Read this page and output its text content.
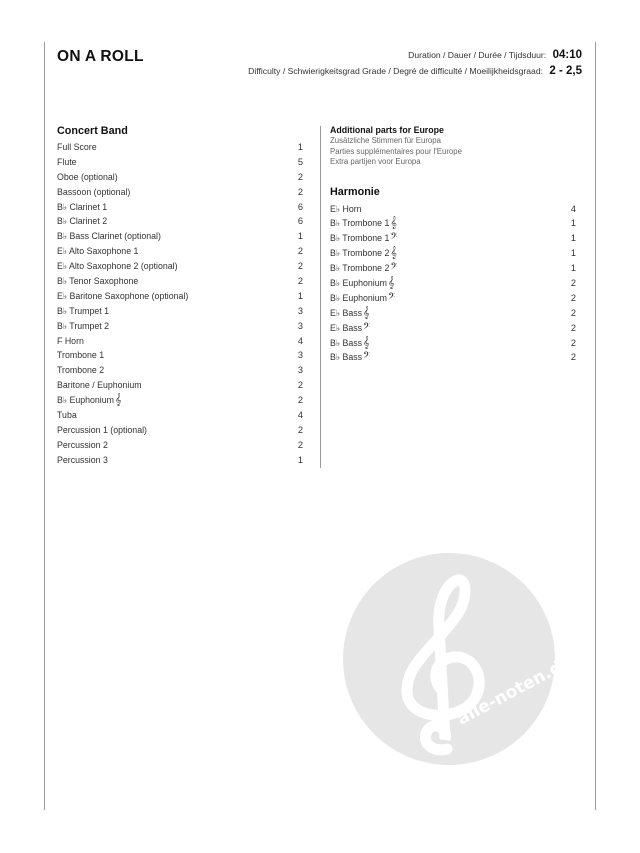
ON A ROLL	Duration / Dauer / Durée / Tijdsduur: 04:10
Difficulty / Schwierigkeitsgrad Grade / Degré de difficulté / Moeilijkheidsgraad: 2 - 2,5
Concert Band
Full Score	1
Flute	5
Oboe (optional)	2
Bassoon (optional)	2
B♭ Clarinet 1	6
B♭ Clarinet 2	6
B♭ Bass Clarinet (optional)	1
E♭ Alto Saxophone 1	2
E♭ Alto Saxophone 2 (optional)	2
B♭ Tenor Saxophone	2
E♭ Baritone Saxophone (optional)	1
B♭ Trumpet 1	3
B♭ Trumpet 2	3
F Horn	4
Trombone 1	3
Trombone 2	3
Baritone / Euphonium	2
B♭ Euphonium𝄞	2
Tuba	4
Percussion 1 (optional)	2
Percussion 2	2
Percussion 3	1
Additional parts for Europe
Zusätzliche Stimmen für Europa
Parties supplémentaires pour l'Europe
Extra partijen voor Europa
Harmonie
E♭ Horn	4
B♭ Trombone 1𝄞	1
B♭ Trombone 1𝄢	1
B♭ Trombone 2𝄞	1
B♭ Trombone 2𝄢	1
B♭ Euphonium𝄞	2
B♭ Euphonium𝄢	2
E♭ Bass𝄞	2
E♭ Bass𝄢	2
B♭ Bass𝄞	2
B♭ Bass𝄢	2
alle-noten.de
